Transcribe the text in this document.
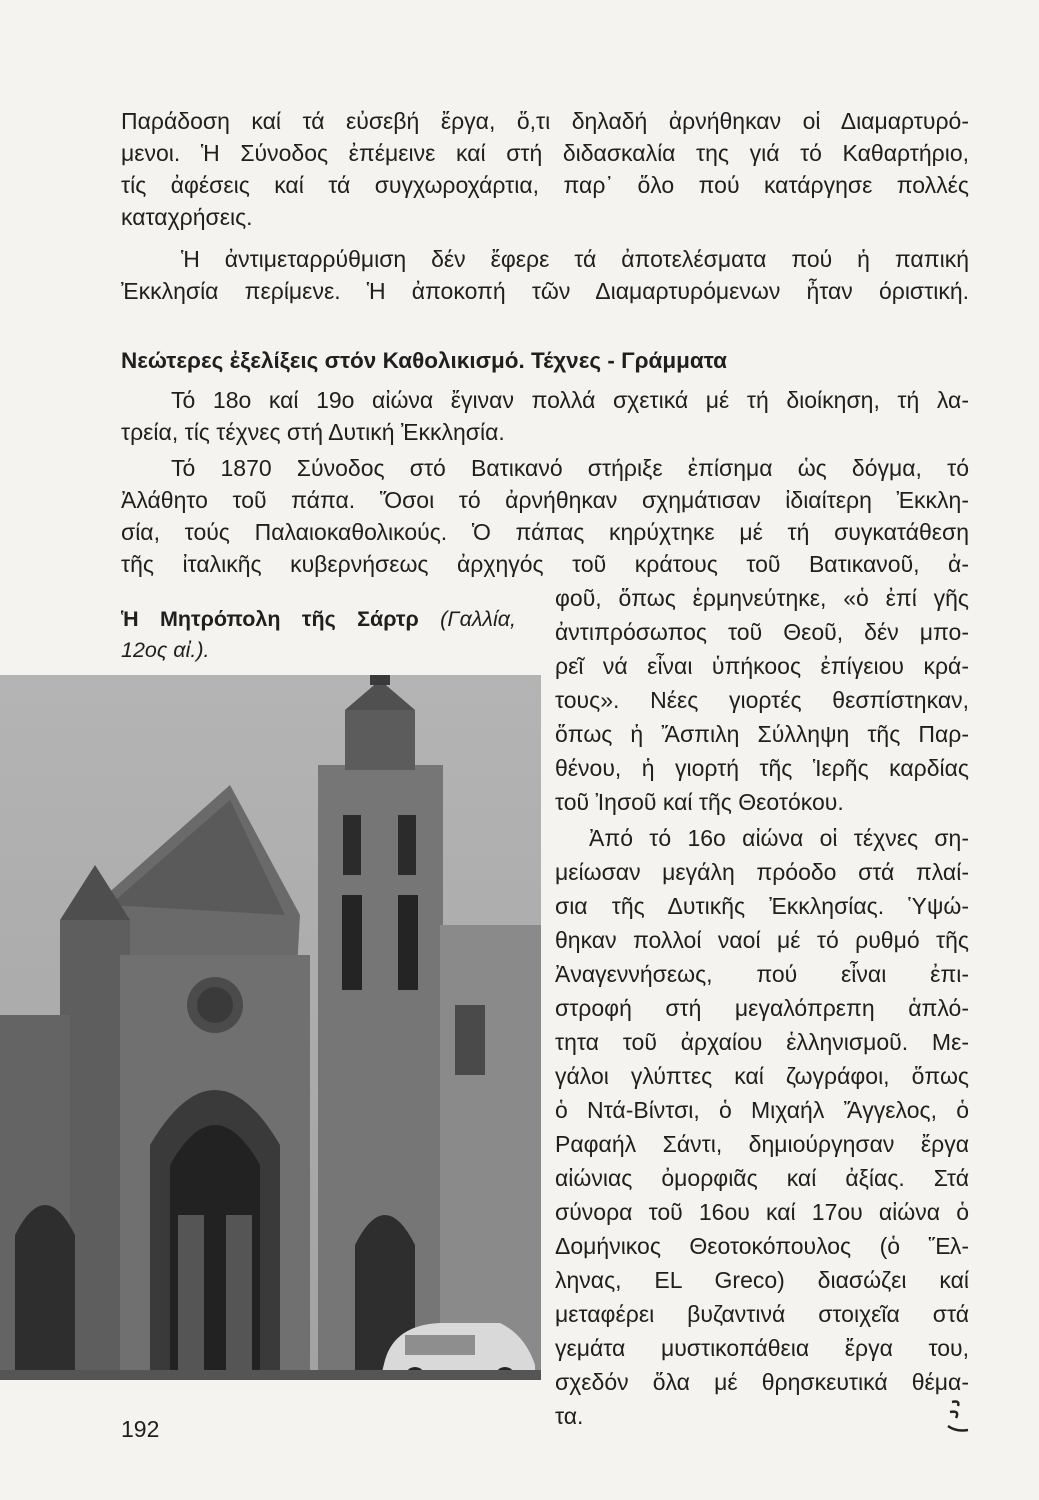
Παράδοση καί τά εὐσεβή ἔργα, ὅ,τι δηλαδή ἀρνήθηκαν οἱ Διαμαρτυρό-
μενοι. Ἡ Σύνοδος ἐπέμεινε καί στή διδασκαλία της γιά τό Καθαρτήριο,
τίς ἀφέσεις καί τά συγχωροχάρτια, παρ᾽ ὅλο πού κατάργησε πολλές
καταχρήσεις.
Ἡ ἀντιμεταρρύθμιση δέν ἔφερε τά ἀποτελέσματα πού ἡ παπική
Ἐκκλησία περίμενε. Ἡ ἀποκοπή τῶν Διαμαρτυρόμενων ἦταν όριστική.
Νεώτερες ἐξελίξεις στόν Καθολικισμό. Τέχνες - Γράμματα
Τό 18ο καί 19ο αἰώνα ἔγιναν πολλά σχετικά μέ τή διοίκηση, τή λα-
τρεία, τίς τέχνες στή Δυτική Ἐκκλησία.
Τό 1870 Σύνοδος στό Βατικανό στήριξε ἐπίσημα ὡς δόγμα, τό
Ἀλάθητο τοῦ πάπα. Ὅσοι τό ἀρνήθηκαν σχημάτισαν ἰδιαίτερη Ἐκκλη-
σία, τούς Παλαιοκαθολικούς. Ὁ πάπας κηρύχτηκε μέ τή συγκατάθεση
τῆς ἰταλικῆς κυβερνήσεως ἀρχηγός τοῦ κράτους τοῦ Βατικανοῦ, ἀ-
Ἡ Μητρόπολη τῆς Σάρτρ (Γαλλία,
12ος αἰ.).
φοῦ, ὅπως ἑρμηνεύτηκε, «ὁ ἐπί γῆς
ἀντιπρόσωπος τοῦ Θεοῦ, δέν μπο-
ρεῖ νά εἶναι ὑπήκοος ἐπίγειου κρά-
τους». Νέες γιορτές θεσπίστηκαν,
ὅπως ἡ Ἄσπιλη Σύλληψη τῆς Παρ-
θένου, ἡ γιορτή τῆς Ἱερῆς καρδίας
τοῦ Ἰησοῦ καί τῆς Θεοτόκου.
Ἀπό τό 16ο αἰώνα οἱ τέχνες ση-
μείωσαν μεγάλη πρόοδο στά πλαί-
σια τῆς Δυτικῆς Ἐκκλησίας. Ὑψώ-
θηκαν πολλοί ναοί μέ τό ρυθμό τῆς
Ἀναγεννήσεως, πού εἶναι ἐπι-
στροφή στή μεγαλόπρεπη ἁπλό-
τητα τοῦ ἀρχαίου ἑλληνισμοῦ. Με-
γάλοι γλύπτες καί ζωγράφοι, ὅπως
ὁ Ντά-Βίντσι, ὁ Μιχαήλ Ἄγγελος, ὁ
Ραφαήλ Σάντι, δημιούργησαν ἔργα
αἰώνιας ὀμορφιᾶς καί ἀξίας. Στά
σύνορα τοῦ 16ου καί 17ου αἰώνα ὁ
Δομήνικος Θεοτοκόπουλος (ὁ Ἕλ-
ληνας, EL Greco) διασώζει καί
μεταφέρει βυζαντινά στοιχεῖα στά
γεμάτα μυστικοπάθεια ἔργα του,
σχεδόν ὅλα μέ θρησκευτικά θέμα-
τα.
192
